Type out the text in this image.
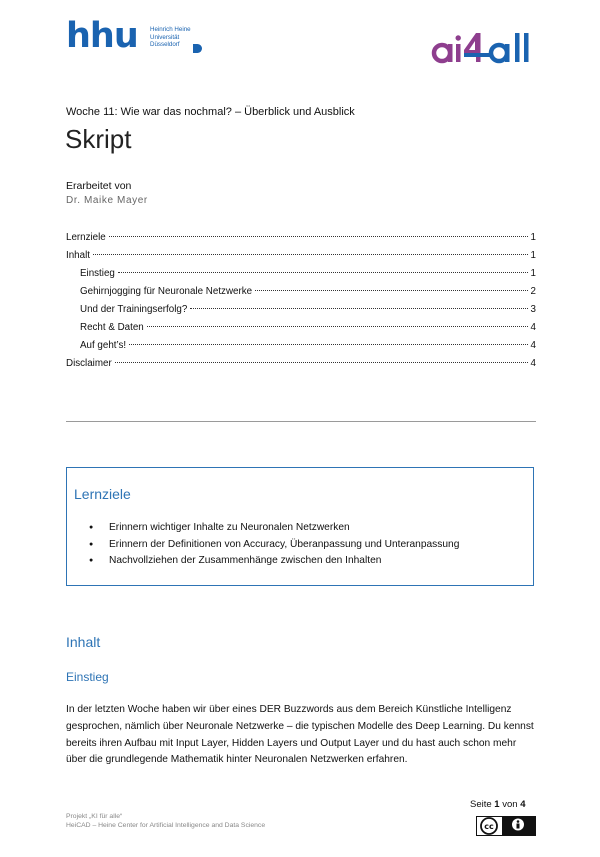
hhu Heinrich Heine
Universität
Düsseldorf
Woche 11: Wie war das nochmal? – Überblick und Ausblick
Skript
Erarbeitet von
Dr. Maike Mayer
Lernziele	1
Inhalt	1
Einstieg	1
Gehirnjogging für Neuronale Netzwerke	2
Und der Trainingserfolg?	3
Recht & Daten	4
Auf geht’s!	4
Disclaimer	4
Lernziele
● Erinnern wichtiger Inhalte zu Neuronalen Netzwerken
● Erinnern der Definitionen von Accuracy, Überanpassung und Unteranpassung
● Nachvollziehen der Zusammenhänge zwischen den Inhalten
Inhalt
Einstieg

In der letzten Woche haben wir über eines DER Buzzwords aus dem Bereich Künstliche Intelligenz gesprochen, nämlich über Neuronale Netzwerke – die typischen Modelle des Deep Learning. Du kennst bereits ihren Aufbau mit Input Layer, Hidden Layers und Output Layer und du hast auch schon mehr über die grundlegende Mathematik hinter Neuronalen Netzwerken erfahren.

Projekt „KI für alle“
HeiCAD – Heine Center for Artificial Intelligence and Data Science
Seite 1 von 4
cc
